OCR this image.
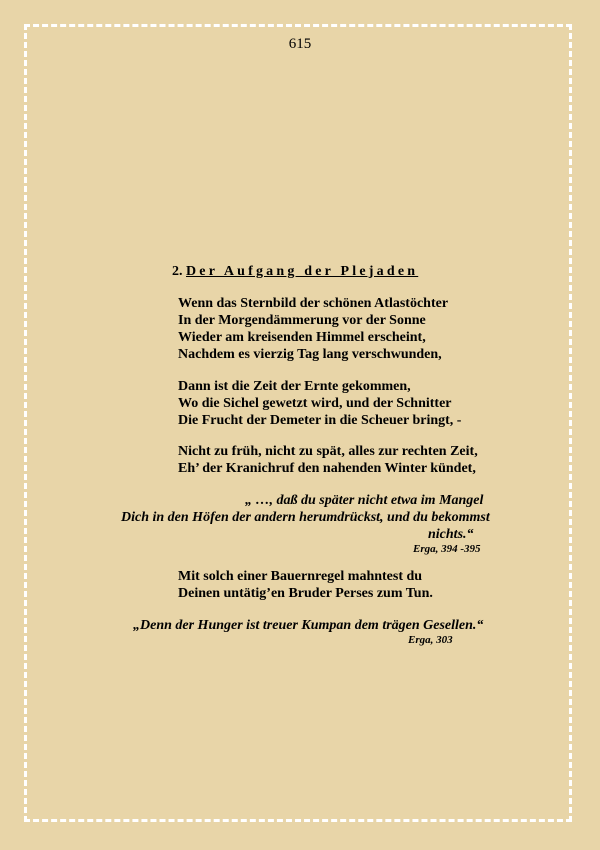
615
2. Der Aufgang der Plejaden
Wenn das Sternbild der schönen Atlastöchter
In der Morgendämmerung vor der Sonne
Wieder am kreisenden Himmel erscheint,
Nachdem es vierzig Tag lang verschwunden,
Dann ist die Zeit der Ernte gekommen,
Wo die Sichel gewetzt wird, und der Schnitter
Die Frucht der Demeter in die Scheuer bringt, -
Nicht zu früh, nicht zu spät, alles zur rechten Zeit,
Eh’ der Kranichruf den nahenden Winter kündet,
„ …, daß du später nicht etwa im Mangel
Dich in den Höfen der andern herumdrückst, und du bekommst
nichts.“
Erga, 394 -395
Mit solch einer Bauernregel mahntest du
Deinen untätig’en Bruder Perses zum Tun.
„Denn der Hunger ist treuer Kumpan dem trägen Gesellen.“
Erga, 303
